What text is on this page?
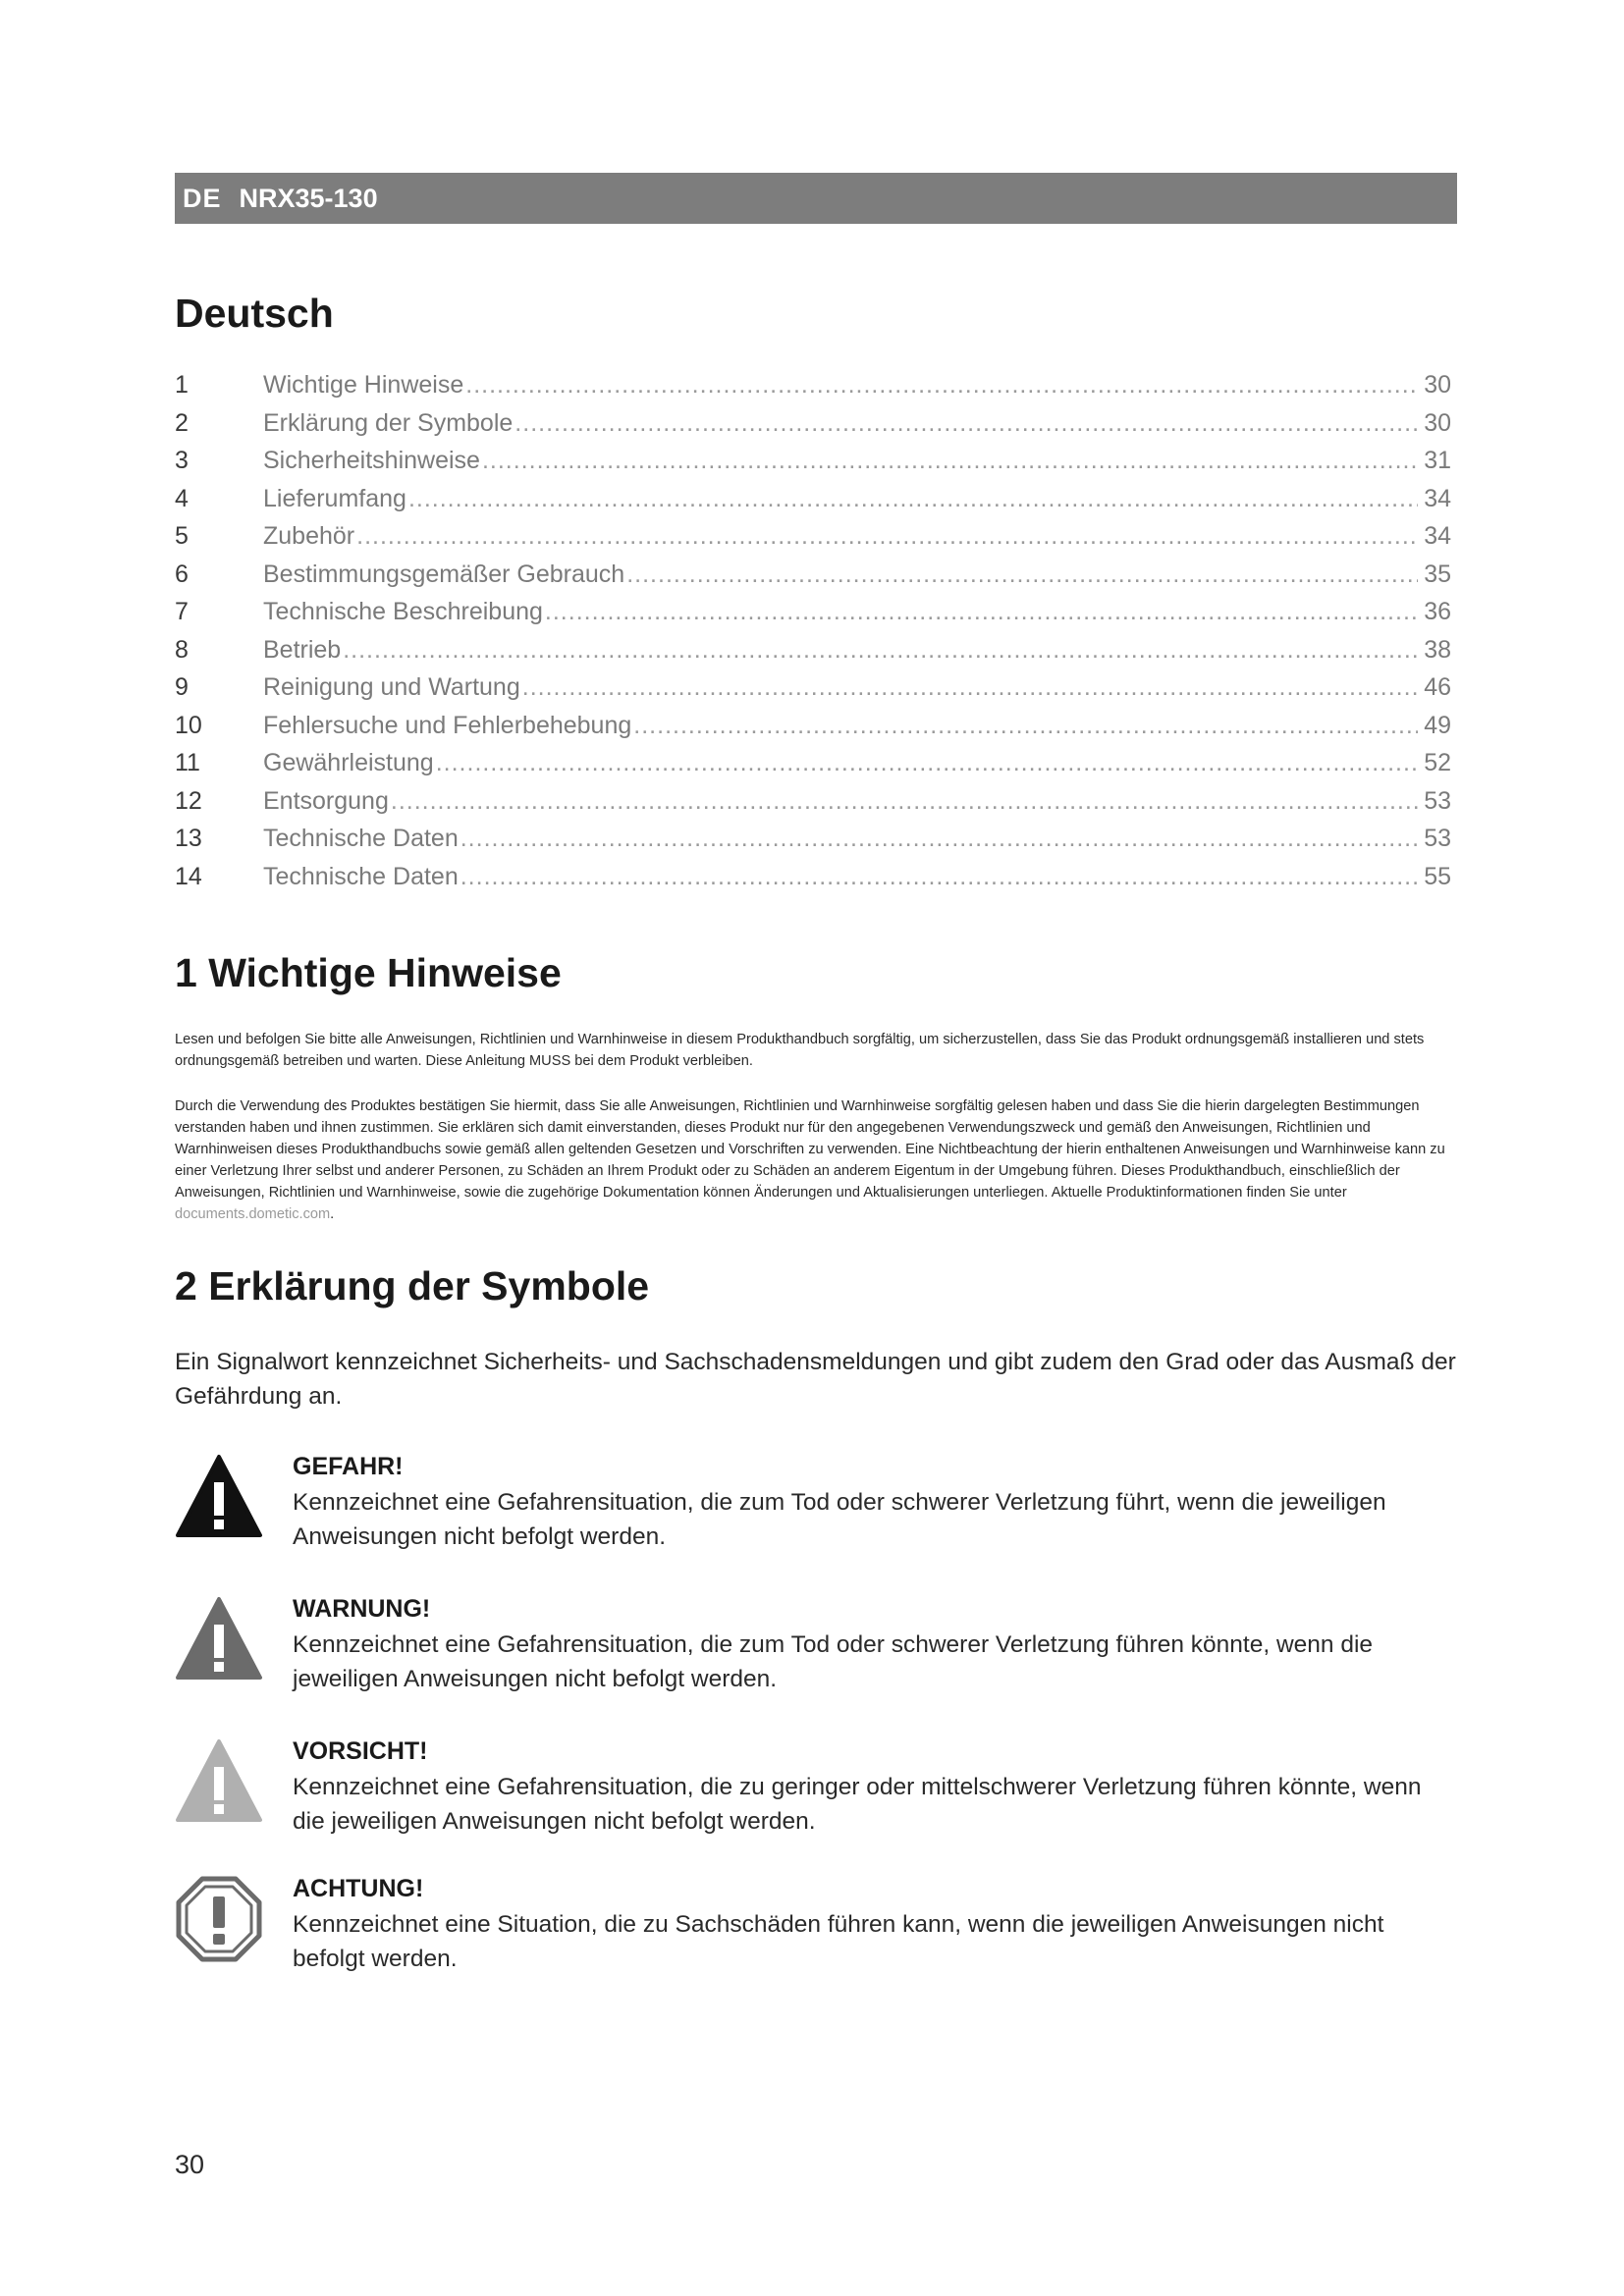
DE NRX35-130
Deutsch
1	Wichtige Hinweise .....	30
2	Erklärung der Symbole .....	30
3	Sicherheitshinweise .....	31
4	Lieferumfang .....	34
5	Zubehör .....	34
6	Bestimmungsgemäßer Gebrauch .....	35
7	Technische Beschreibung .....	36
8	Betrieb .....	38
9	Reinigung und Wartung .....	46
10	Fehlersuche und Fehlerbehebung .....	49
11	Gewährleistung .....	52
12	Entsorgung .....	53
13	Technische Daten .....	53
14	Technische Daten .....	55
1 Wichtige Hinweise

Lesen und befolgen Sie bitte alle Anweisungen, Richtlinien und Warnhinweise in diesem Produkthandbuch sorgfältig, um sicherzustellen, dass Sie das Produkt ordnungsgemäß installieren und stets ordnungsgemäß betreiben und warten. Diese Anleitung MUSS bei dem Produkt verbleiben.

Durch die Verwendung des Produktes bestätigen Sie hiermit, dass Sie alle Anweisungen, Richtlinien und Warnhinweise sorgfältig gelesen haben und dass Sie die hierin dargelegten Bestimmungen verstanden haben und ihnen zustimmen. Sie erklären sich damit einverstanden, dieses Produkt nur für den angegebenen Verwendungszweck und gemäß den Anweisungen, Richtlinien und Warnhinweisen dieses Produkthandbuchs sowie gemäß allen geltenden Gesetzen und Vorschriften zu verwenden. Eine Nichtbeachtung der hierin enthaltenen Anweisungen und Warnhinweise kann zu einer Verletzung Ihrer selbst und anderer Personen, zu Schäden an Ihrem Produkt oder zu Schäden an anderem Eigentum in der Umgebung führen. Dieses Produkthandbuch, einschließlich der Anweisungen, Richtlinien und Warnhinweise, sowie die zugehörige Dokumentation können Änderungen und Aktualisierungen unterliegen. Aktuelle Produktinformationen finden Sie unter documents.dometic.com.

2 Erklärung der Symbole

Ein Signalwort kennzeichnet Sicherheits- und Sachschadensmeldungen und gibt zudem den Grad oder das Ausmaß der Gefährdung an.

GEFAHR!

Kennzeichnet eine Gefahrensituation, die zum Tod oder schwerer Verletzung führt, wenn die jeweiligen Anweisungen nicht befolgt werden.

WARNUNG!

Kennzeichnet eine Gefahrensituation, die zum Tod oder schwerer Verletzung führen könnte, wenn die jeweiligen Anweisungen nicht befolgt werden.

VORSICHT!

Kennzeichnet eine Gefahrensituation, die zu geringer oder mittelschwerer Verletzung führen könnte, wenn die jeweiligen Anweisungen nicht befolgt werden.

ACHTUNG!

Kennzeichnet eine Situation, die zu Sachschäden führen kann, wenn die jeweiligen Anweisungen nicht befolgt werden.

30
